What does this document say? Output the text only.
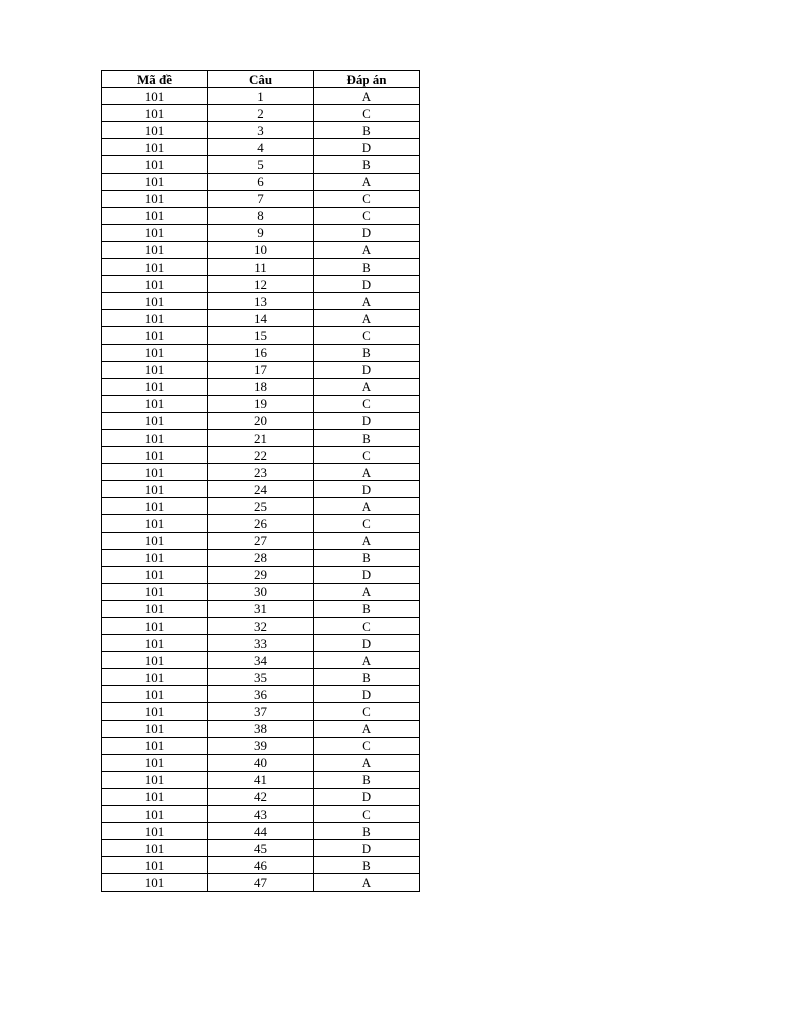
Mã đề	Câu	Đáp án
101	1	A
101	2	C
101	3	B
101	4	D
101	5	B
101	6	A
101	7	C
101	8	C
101	9	D
101	10	A
101	11	B
101	12	D
101	13	A
101	14	A
101	15	C
101	16	B
101	17	D
101	18	A
101	19	C
101	20	D
101	21	B
101	22	C
101	23	A
101	24	D
101	25	A
101	26	C
101	27	A
101	28	B
101	29	D
101	30	A
101	31	B
101	32	C
101	33	D
101	34	A
101	35	B
101	36	D
101	37	C
101	38	A
101	39	C
101	40	A
101	41	B
101	42	D
101	43	C
101	44	B
101	45	D
101	46	B
101	47	A
